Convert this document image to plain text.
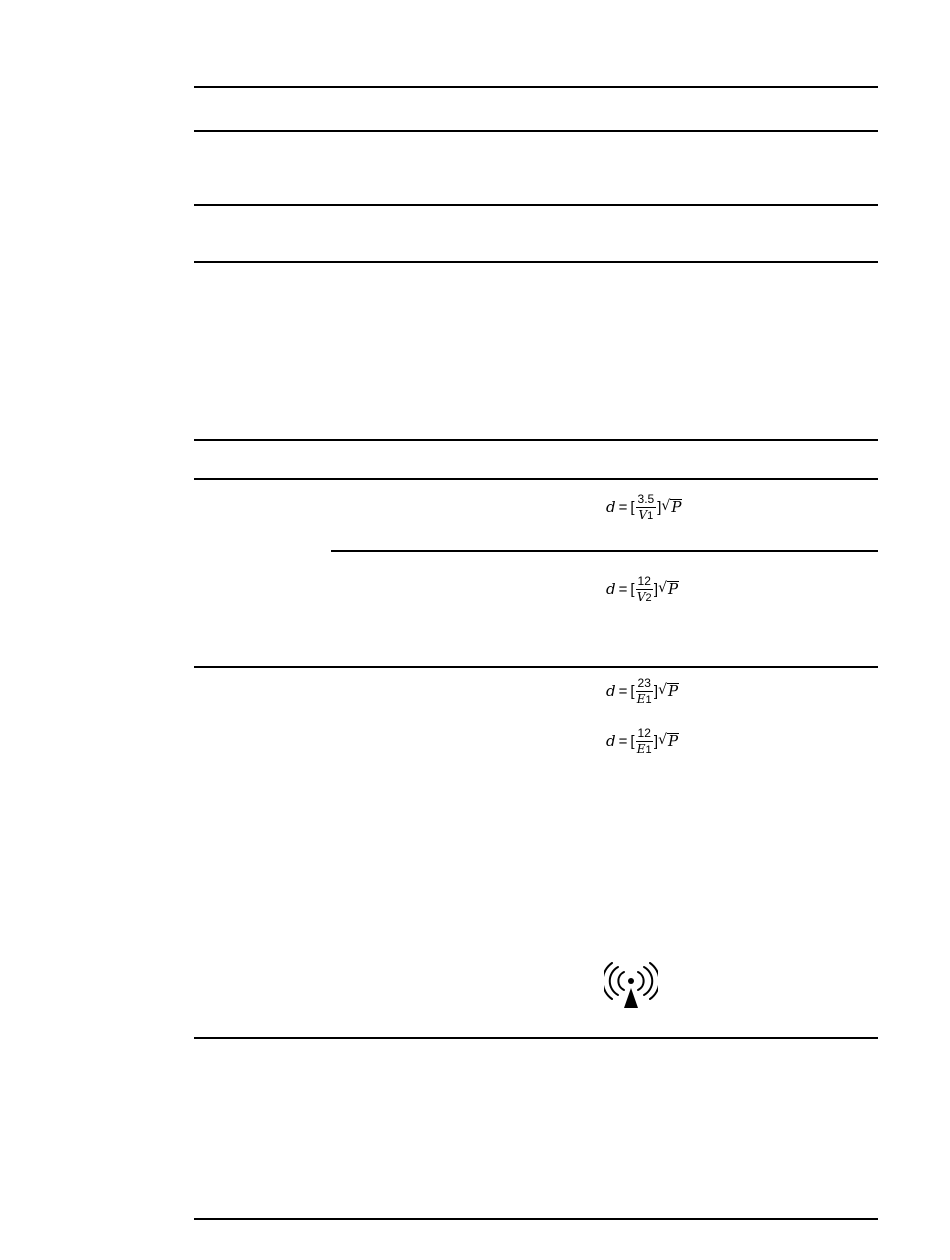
d = [ $\frac{3.5}{V1}$ ] √ P
d = [ $\frac{12}{V2}$ ] √ P
d = [ $\frac{23}{E1}$ ] √ P
d = [ $\frac{12}{E1}$ ] √ P
